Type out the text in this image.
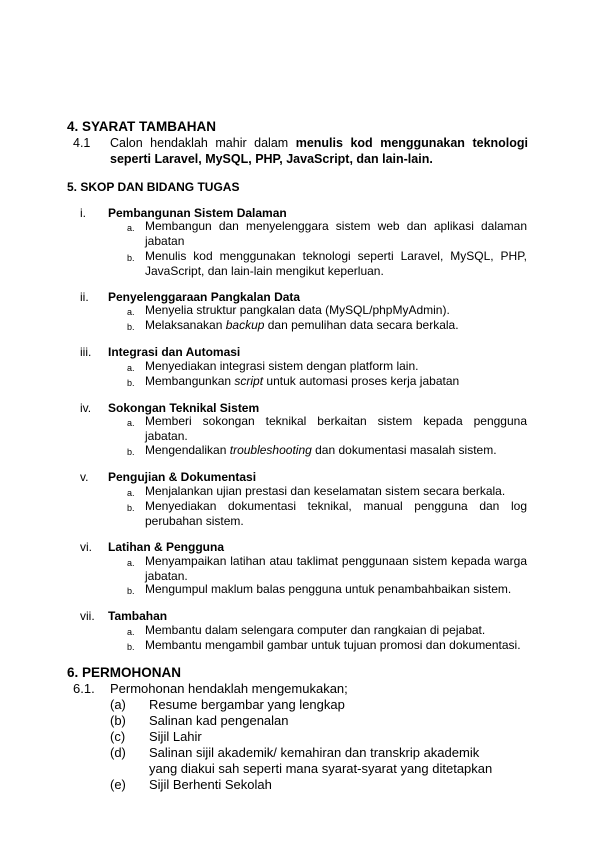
4. SYARAT TAMBAHAN
4.1 Calon hendaklah mahir dalam menulis kod menggunakan teknologi seperti Laravel, MySQL, PHP, JavaScript, dan lain-lain.
5. SKOP DAN BIDANG TUGAS
i.	Pembangunan Sistem Dalaman
a. Membangun dan menyelenggara sistem web dan aplikasi dalaman jabatan
b. Menulis kod menggunakan teknologi seperti Laravel, MySQL, PHP, JavaScript, dan lain-lain mengikut keperluan.
ii.	Penyelenggaraan Pangkalan Data
a. Menyelia struktur pangkalan data (MySQL/phpMyAdmin).
b. Melaksanakan backup dan pemulihan data secara berkala.
iii.	Integrasi dan Automasi
a. Menyediakan integrasi sistem dengan platform lain.
b. Membangunkan script untuk automasi proses kerja jabatan
iv.	Sokongan Teknikal Sistem
a. Memberi sokongan teknikal berkaitan sistem kepada pengguna jabatan.
b. Mengendalikan troubleshooting dan dokumentasi masalah sistem.
v.	Pengujian & Dokumentasi
a. Menjalankan ujian prestasi dan keselamatan sistem secara berkala.
b. Menyediakan dokumentasi teknikal, manual pengguna dan log perubahan sistem.
vi.	Latihan & Pengguna
a. Menyampaikan latihan atau taklimat penggunaan sistem kepada warga jabatan.
b. Mengumpul maklum balas pengguna untuk penambahbaikan sistem.
vii.	Tambahan
a. Membantu dalam selengara computer dan rangkaian di pejabat.
b. Membantu mengambil gambar untuk tujuan promosi dan dokumentasi.
6. PERMOHONAN
6.1. Permohonan hendaklah mengemukakan;
(a) Resume bergambar yang lengkap
(b) Salinan kad pengenalan
(c) Sijil Lahir
(d) Salinan sijil akademik/ kemahiran dan transkrip akademik yang diakui sah seperti mana syarat-syarat yang ditetapkan
(e) Sijil Berhenti Sekolah
